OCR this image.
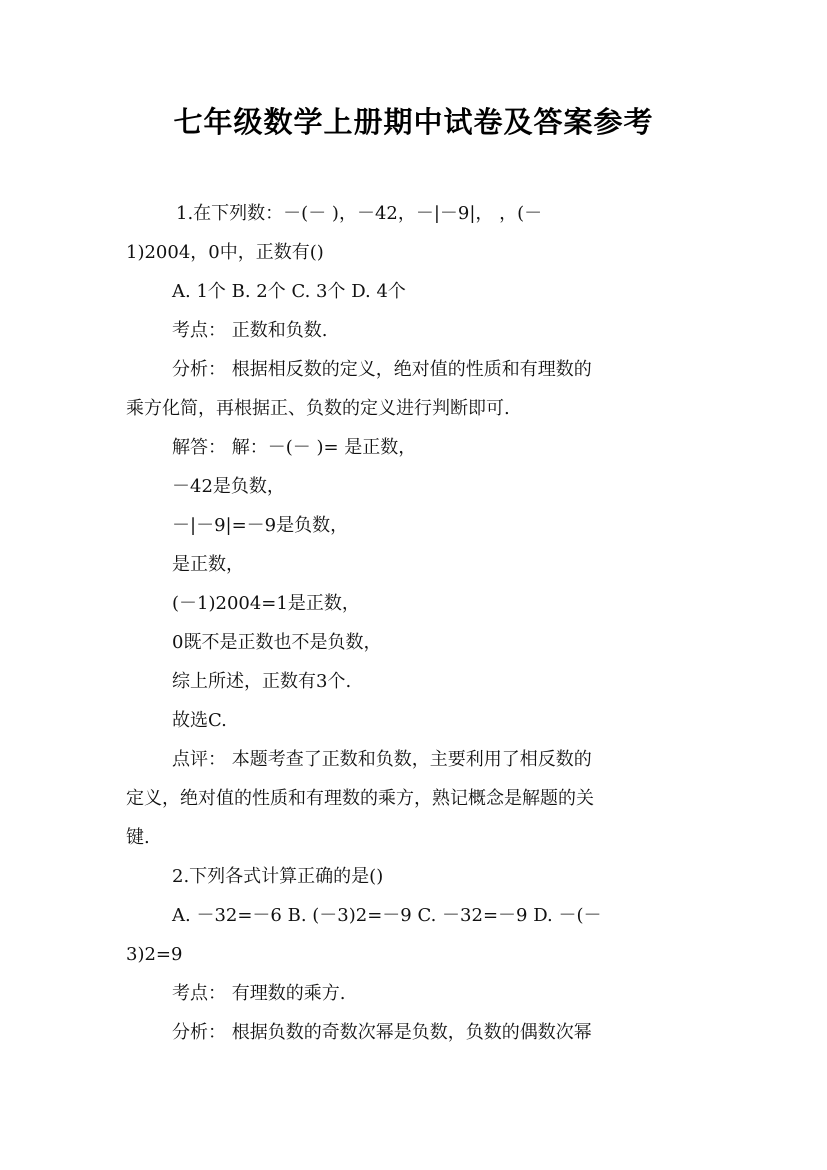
七年级数学上册期中试卷及答案参考
1.在下列数：－(－ )，－42，－|－9|， ，(－
1)2004，0中，正数有()
A. 1个 B. 2个 C. 3个 D. 4个
考点： 正数和负数.
分析： 根据相反数的定义，绝对值的性质和有理数的
乘方化简，再根据正、负数的定义进行判断即可.
解答： 解：－(－ )= 是正数，
－42是负数，
－|－9|=－9是负数，
是正数，
(－1)2004=1是正数，
0既不是正数也不是负数，
综上所述，正数有3个.
故选C.
点评： 本题考查了正数和负数，主要利用了相反数的
定义，绝对值的性质和有理数的乘方，熟记概念是解题的关
键.
2.下列各式计算正确的是()
A. －32=－6 B. (－3)2=－9 C. －32=－9 D. －(－
3)2=9
考点： 有理数的乘方.
分析： 根据负数的奇数次幂是负数，负数的偶数次幂
